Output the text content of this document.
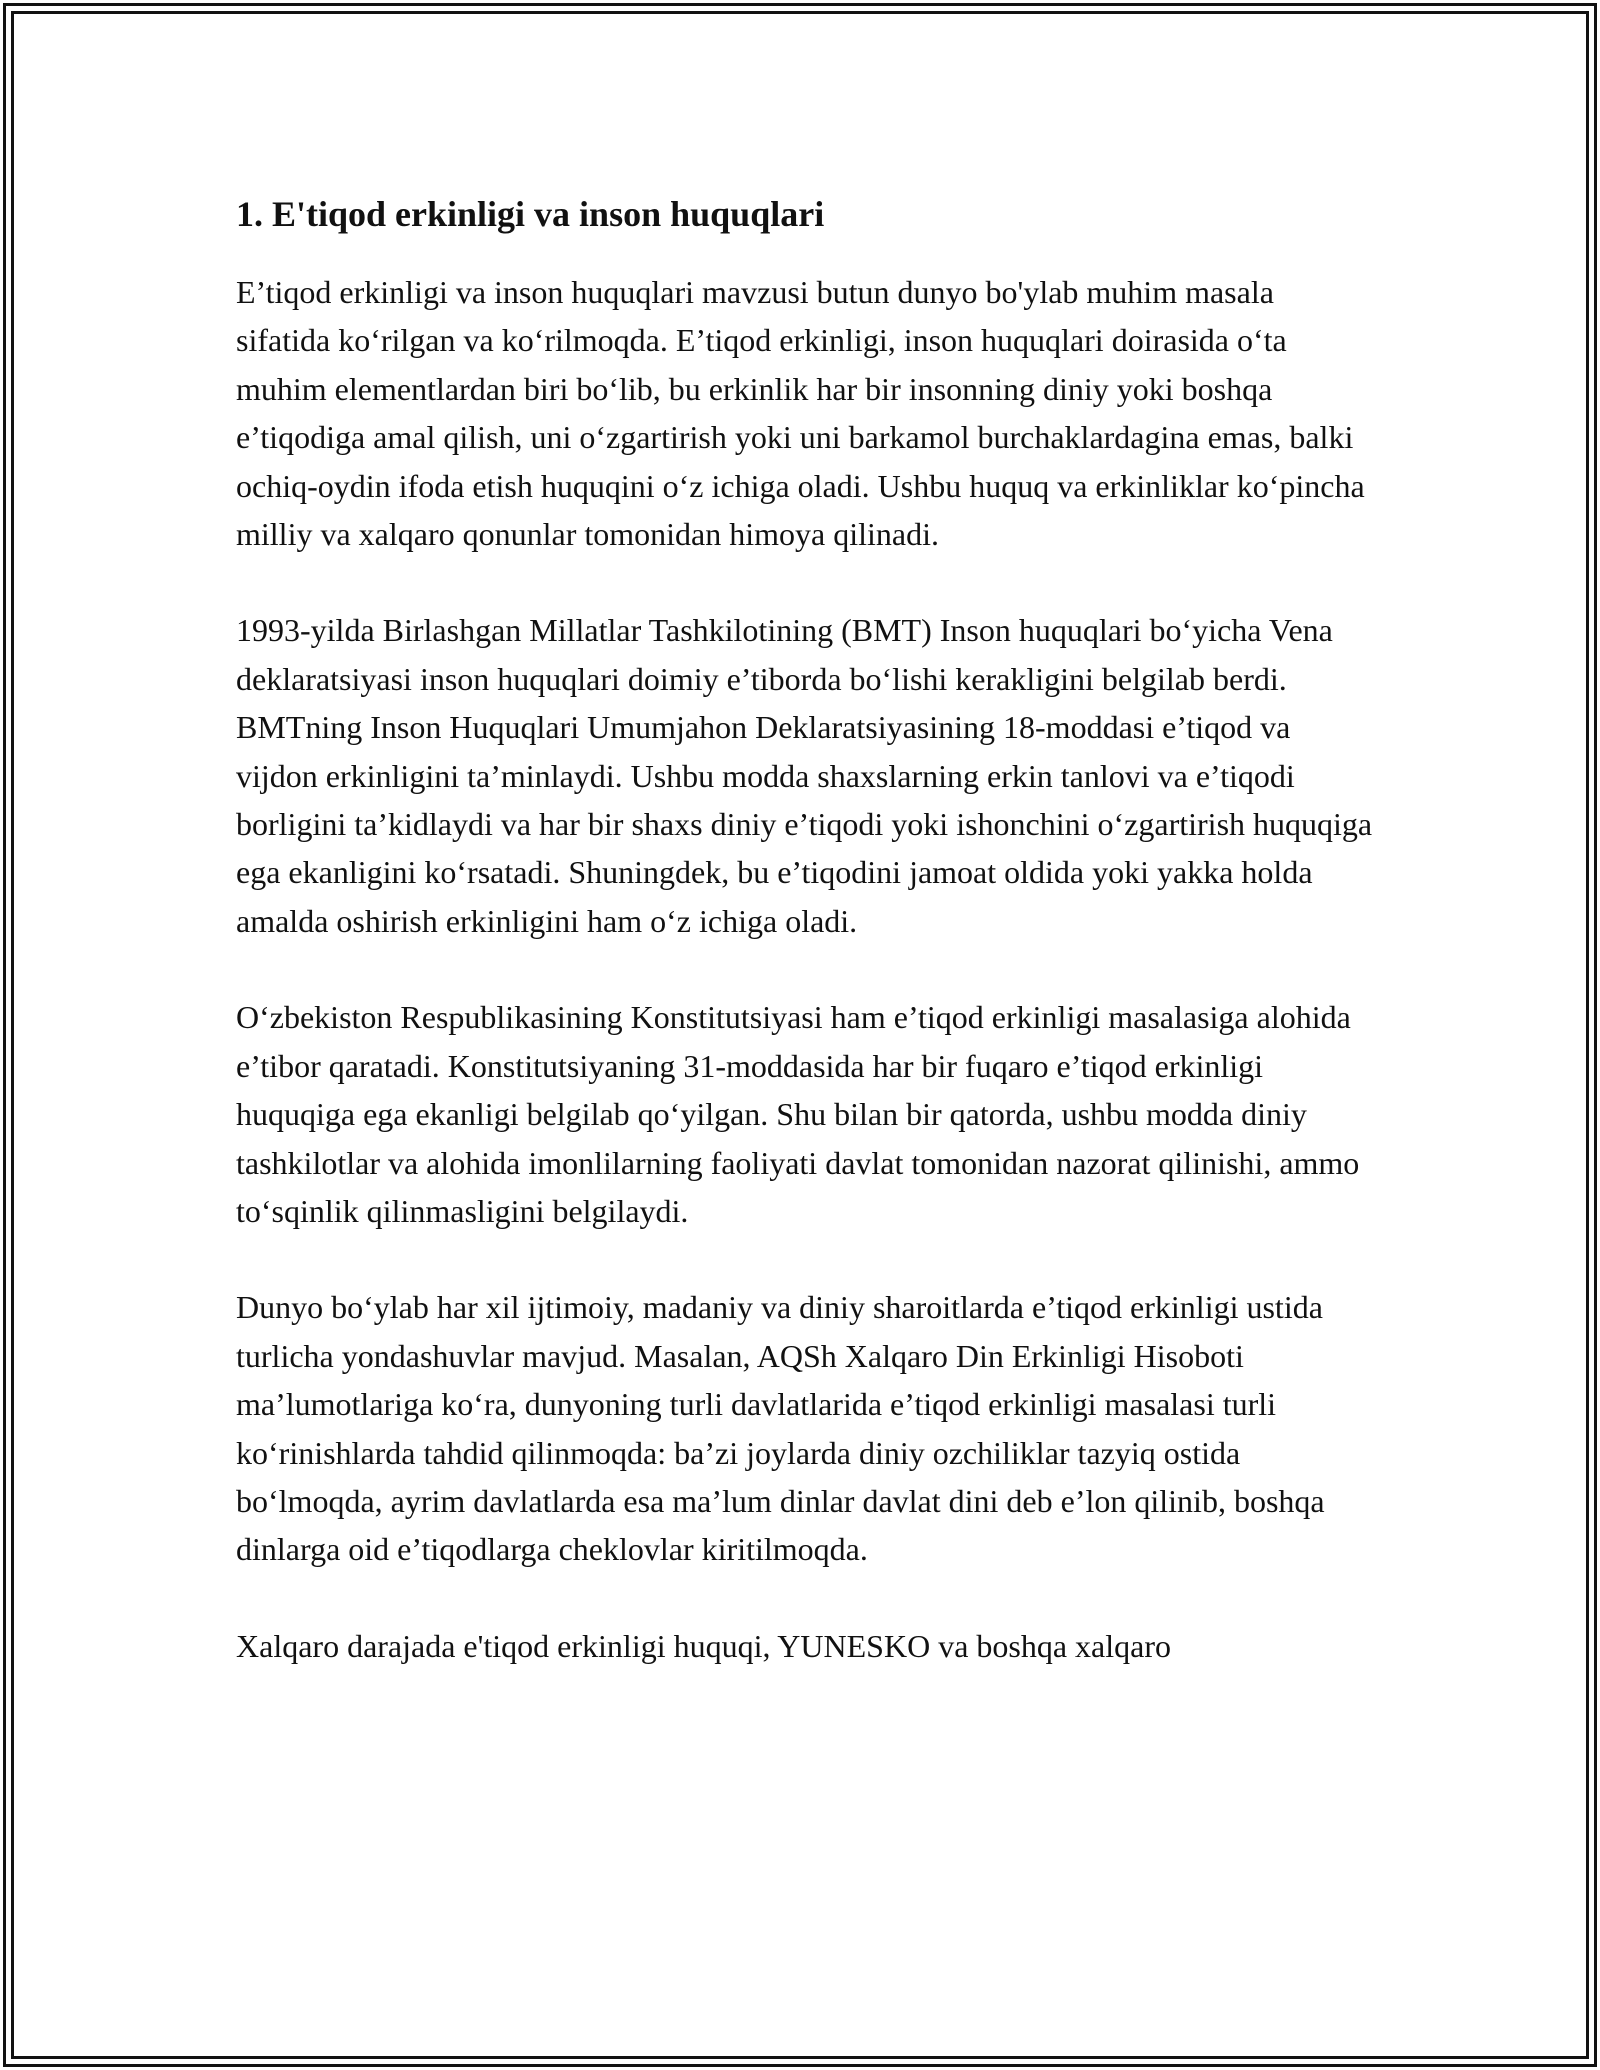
1. E'tiqod erkinligi va inson huquqlari

E’tiqod erkinligi va inson huquqlari mavzusi butun dunyo bo'ylab muhim masala sifatida ko‘rilgan va ko‘rilmoqda. E’tiqod erkinligi, inson huquqlari doirasida o‘ta muhim elementlardan biri bo‘lib, bu erkinlik har bir insonning diniy yoki boshqa e’tiqodiga amal qilish, uni o‘zgartirish yoki uni barkamol burchaklardagina emas, balki ochiq-oydin ifoda etish huquqini o‘z ichiga oladi. Ushbu huquq va erkinliklar ko‘pincha milliy va xalqaro qonunlar tomonidan himoya qilinadi.

1993-yilda Birlashgan Millatlar Tashkilotining (BMT) Inson huquqlari bo‘yicha Vena deklaratsiyasi inson huquqlari doimiy e’tiborda bo‘lishi kerakligini belgilab berdi. BMTning Inson Huquqlari Umumjahon Deklaratsiyasining 18-moddasi e’tiqod va vijdon erkinligini ta’minlaydi. Ushbu modda shaxslarning erkin tanlovi va e’tiqodi borligini ta’kidlaydi va har bir shaxs diniy e’tiqodi yoki ishonchini o‘zgartirish huquqiga ega ekanligini ko‘rsatadi. Shuningdek, bu e’tiqodini jamoat oldida yoki yakka holda amalda oshirish erkinligini ham o‘z ichiga oladi.

O‘zbekiston Respublikasining Konstitutsiyasi ham e’tiqod erkinligi masalasiga alohida e’tibor qaratadi. Konstitutsiyaning 31-moddasida har bir fuqaro e’tiqod erkinligi huquqiga ega ekanligi belgilab qo‘yilgan. Shu bilan bir qatorda, ushbu modda diniy tashkilotlar va alohida imonlilarning faoliyati davlat tomonidan nazorat qilinishi, ammo to‘sqinlik qilinmasligini belgilaydi.

Dunyo bo‘ylab har xil ijtimoiy, madaniy va diniy sharoitlarda e’tiqod erkinligi ustida turlicha yondashuvlar mavjud. Masalan, AQSh Xalqaro Din Erkinligi Hisoboti ma’lumotlariga ko‘ra, dunyoning turli davlatlarida e’tiqod erkinligi masalasi turli ko‘rinishlarda tahdid qilinmoqda: ba’zi joylarda diniy ozchiliklar tazyiq ostida bo‘lmoqda, ayrim davlatlarda esa ma’lum dinlar davlat dini deb e’lon qilinib, boshqa dinlarga oid e’tiqodlarga cheklovlar kiritilmoqda.

Xalqaro darajada e'tiqod erkinligi huquqi, YUNESKO va boshqa xalqaro
